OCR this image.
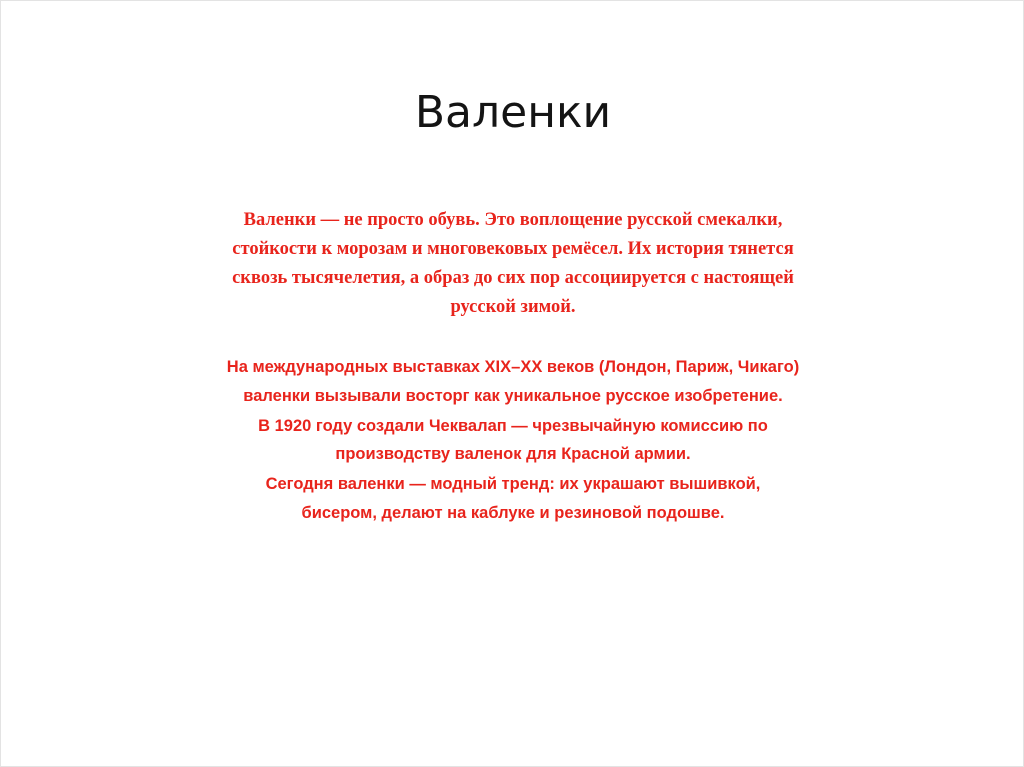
Валенки
Валенки — не просто обувь. Это воплощение русской смекалки,
стойкости к морозам и многовековых ремёсел. Их история тянется
сквозь тысячелетия, а образ до сих пор ассоциируется с настоящей
русской зимой.
На международных выставках XIX–XX веков (Лондон, Париж, Чикаго)
валенки вызывали восторг как уникальное русское изобретение.
В 1920 году создали Чеквалап — чрезвычайную комиссию по
производству валенок для Красной армии.
Сегодня валенки — модный тренд: их украшают вышивкой,
бисером, делают на каблуке и резиновой подошве.
